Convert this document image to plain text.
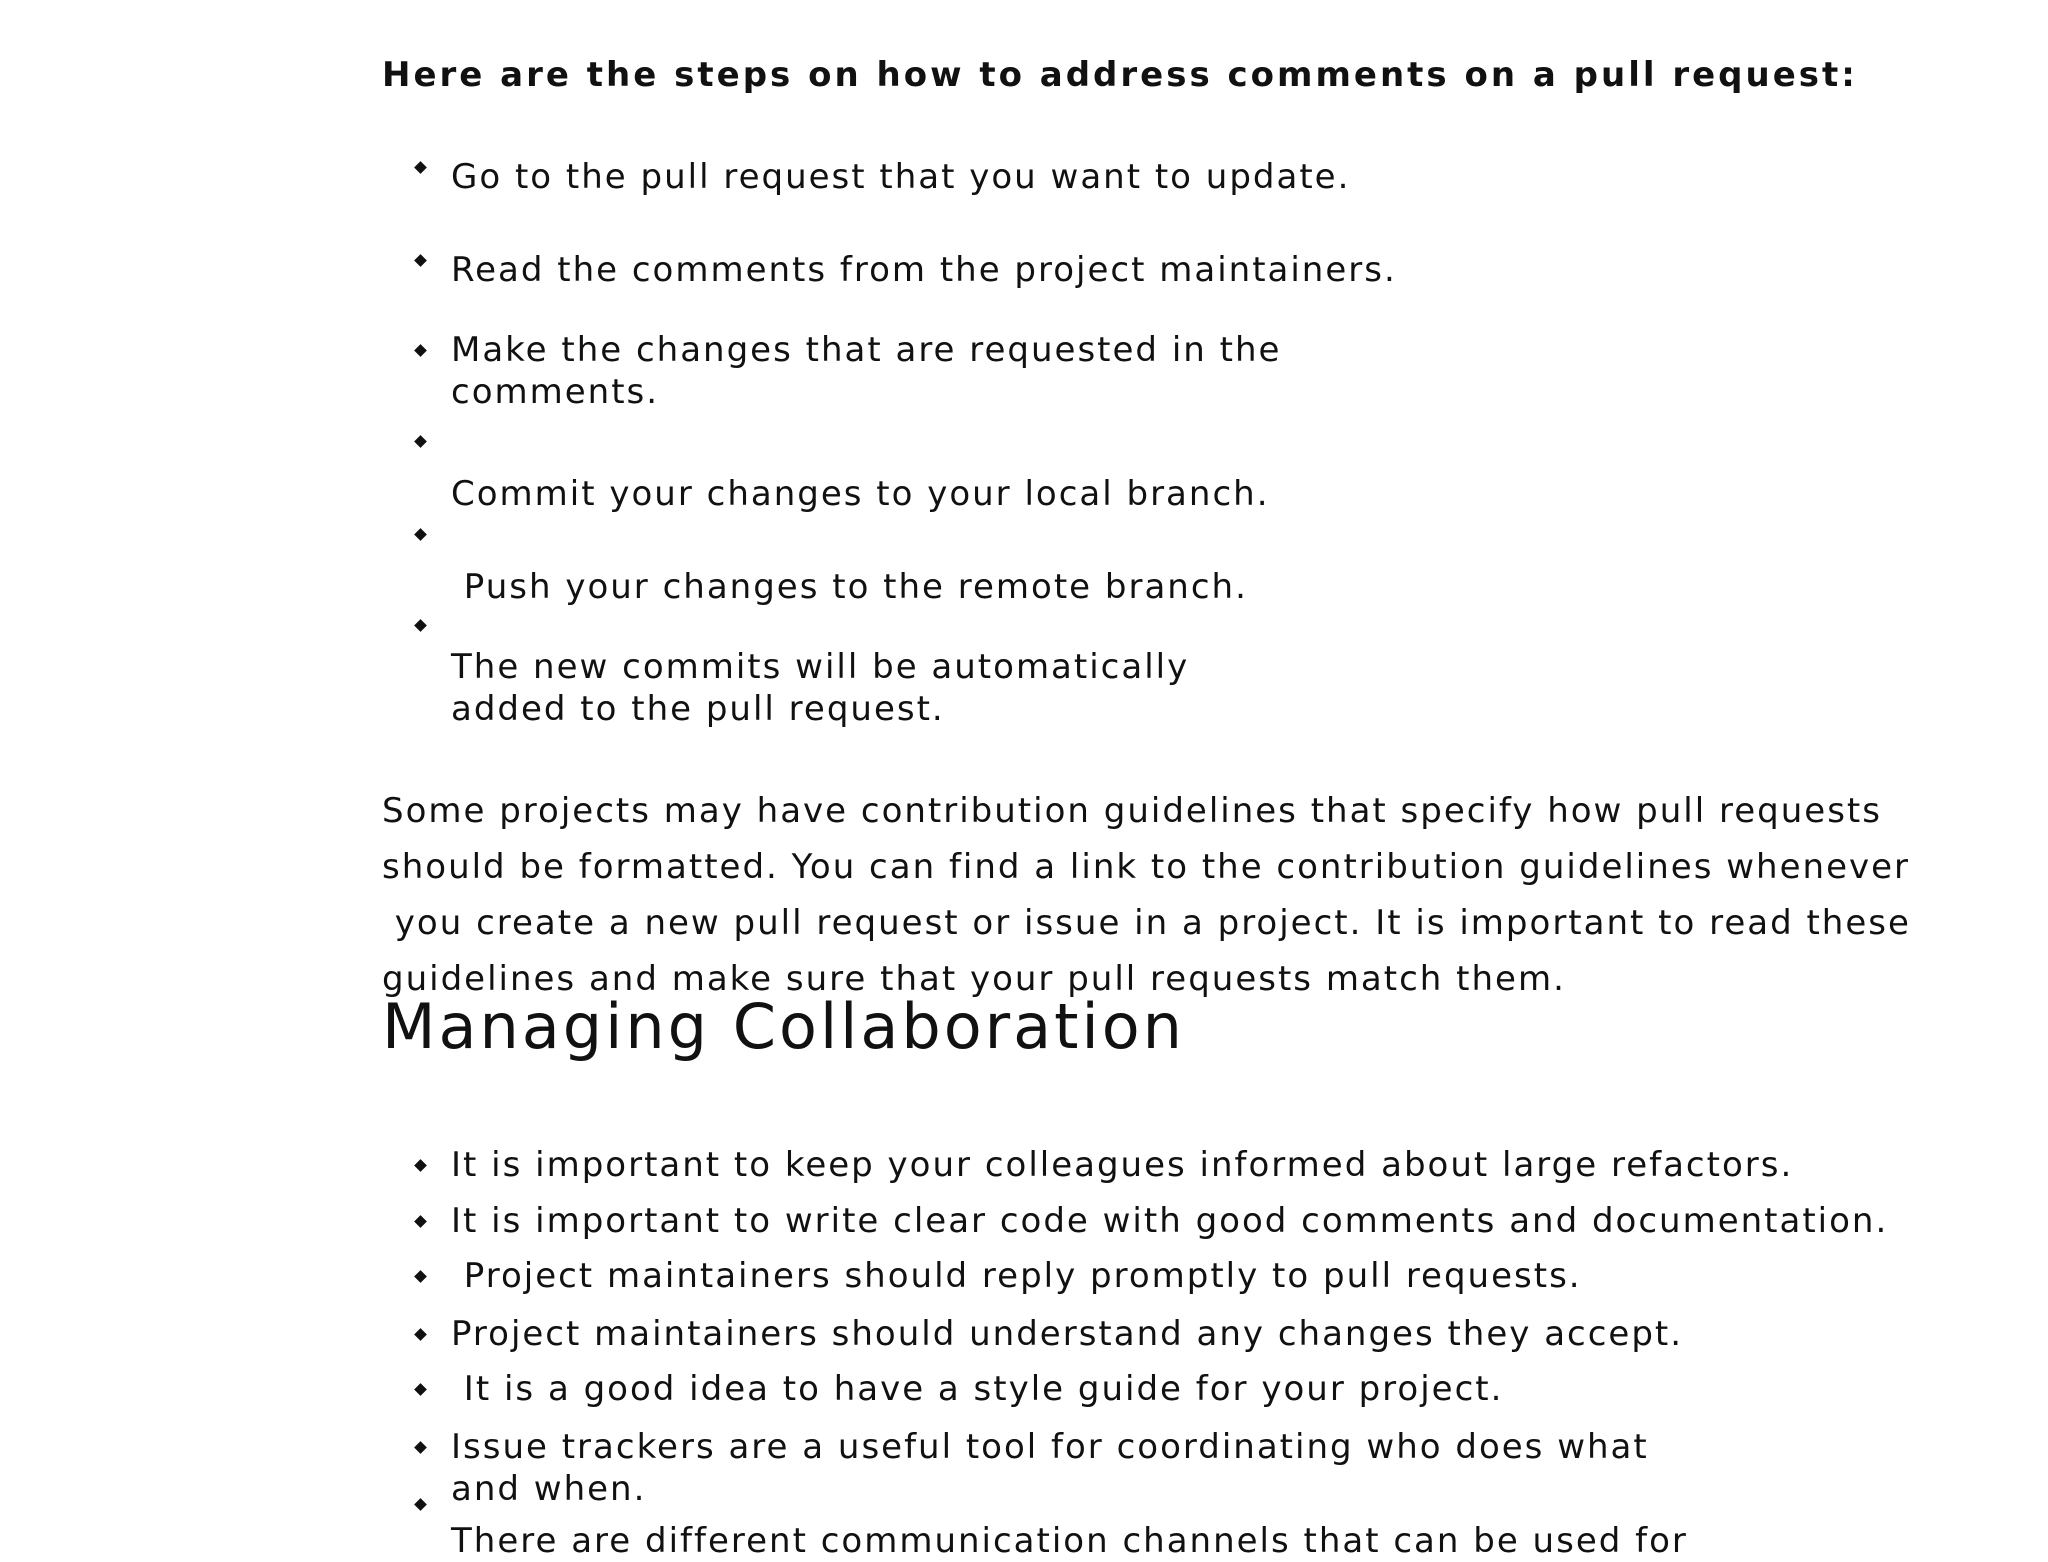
Here are the steps on how to address comments on a pull request:
Go to the pull request that you want to update.
Read the comments from the project maintainers.
Make the changes that are requested in the
comments.
Commit your changes to your local branch.
Push your changes to the remote branch.
The new commits will be automatically
added to the pull request.
Some projects may have contribution guidelines that specify how pull requests
should be formatted. You can find a link to the contribution guidelines whenever
you create a new pull request or issue in a project. It is important to read these
guidelines and make sure that your pull requests match them.
Managing Collaboration
It is important to keep your colleagues informed about large refactors.
It is important to write clear code with good comments and documentation.
Project maintainers should reply promptly to pull requests.
Project maintainers should understand any changes they accept.
It is a good idea to have a style guide for your project.
Issue trackers are a useful tool for coordinating who does what
and when.
There are different communication channels that can be used for
